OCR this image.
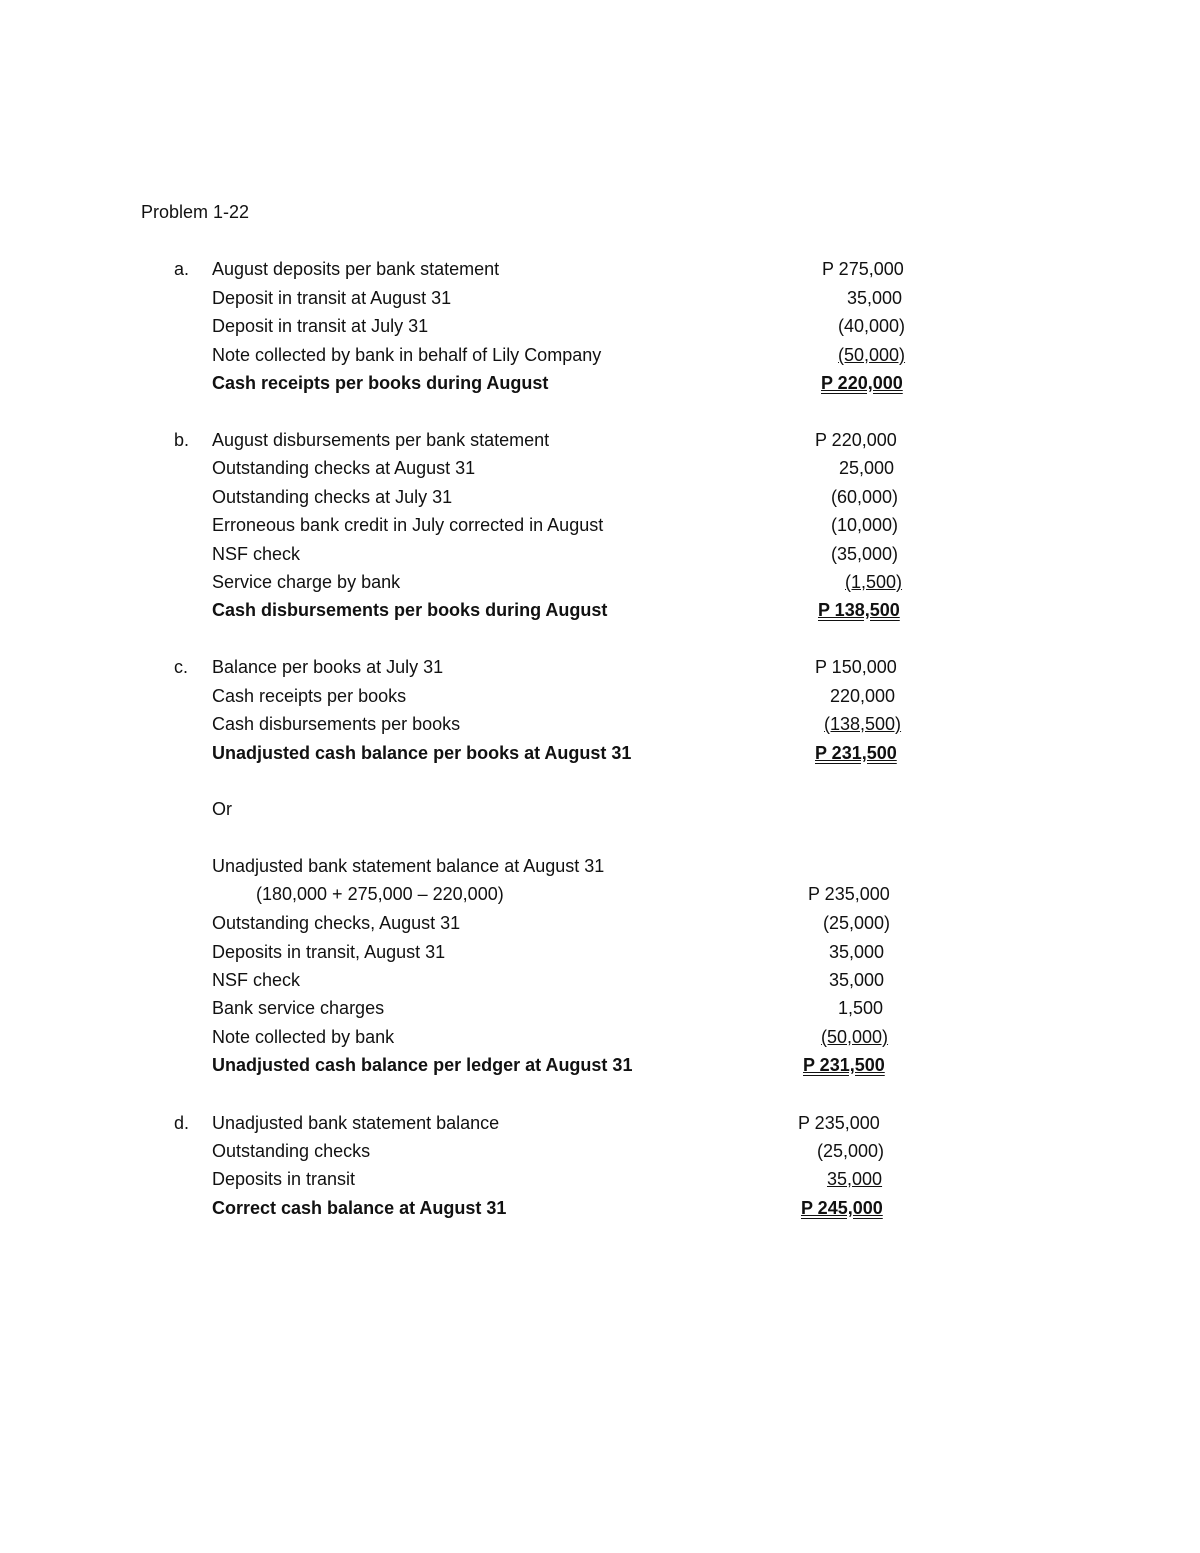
Problem 1-22
a. August deposits per bank statement	P 275,000
Deposit in transit at August 31	35,000
Deposit in transit at July 31	(40,000)
Note collected by bank in behalf of Lily Company	(50,000)
Cash receipts per books during August	P 220,000
b. August disbursements per bank statement	P 220,000
Outstanding checks at August 31	25,000
Outstanding checks at July 31	(60,000)
Erroneous bank credit in July corrected in August	(10,000)
NSF check	(35,000)
Service charge by bank	(1,500)
Cash disbursements per books during August	P 138,500
c. Balance per books at July 31	P 150,000
Cash receipts per books	220,000
Cash disbursements per books	(138,500)
Unadjusted cash balance per books at August 31	P 231,500
Or
Unadjusted bank statement balance at August 31
(180,000 + 275,000 – 220,000)	P 235,000
Outstanding checks, August 31	(25,000)
Deposits in transit, August 31	35,000
NSF check	35,000
Bank service charges	1,500
Note collected by bank	(50,000)
Unadjusted cash balance per ledger at August 31	P 231,500
d. Unadjusted bank statement balance	P 235,000
Outstanding checks	(25,000)
Deposits in transit	35,000
Correct cash balance at August 31	P 245,000
